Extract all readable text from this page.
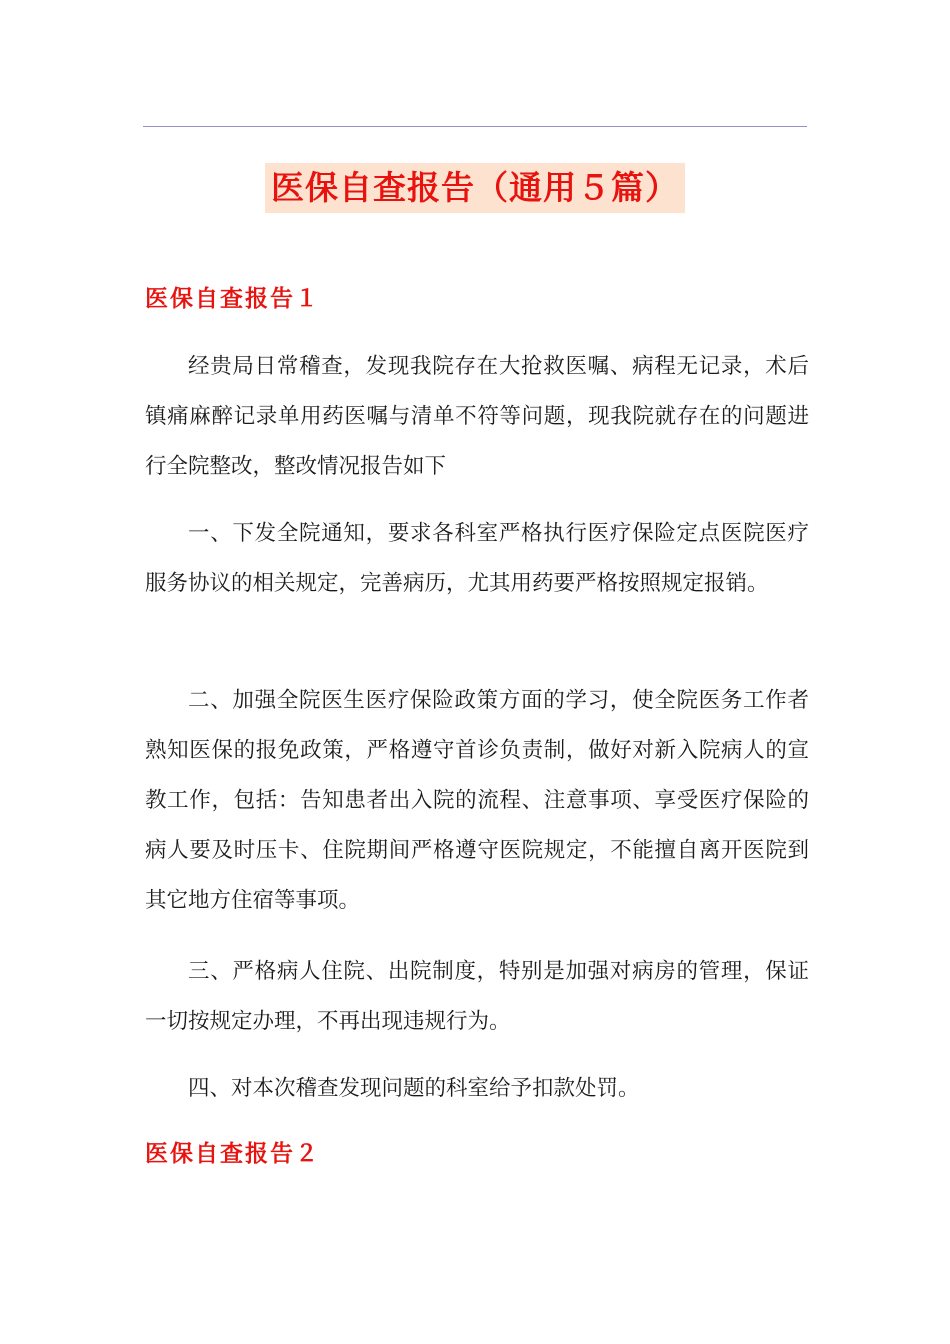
医保自查报告（通用５篇）
医保自查报告１

经贵局日常稽查，发现我院存在大抢救医嘱、病程无记录，术后镇痛麻醉记录单用药医嘱与清单不符等问题，现我院就存在的问题进行全院整改，整改情况报告如下

一、下发全院通知，要求各科室严格执行医疗保险定点医院医疗服务协议的相关规定，完善病历，尤其用药要严格按照规定报销。

二、加强全院医生医疗保险政策方面的学习，使全院医务工作者熟知医保的报免政策，严格遵守首诊负责制，做好对新入院病人的宣教工作，包括：告知患者出入院的流程、注意事项、享受医疗保险的病人要及时压卡、住院期间严格遵守医院规定，不能擅自离开医院到其它地方住宿等事项。

三、严格病人住院、出院制度，特别是加强对病房的管理，保证一切按规定办理，不再出现违规行为。

四、对本次稽查发现问题的科室给予扣款处罚。

医保自查报告２
